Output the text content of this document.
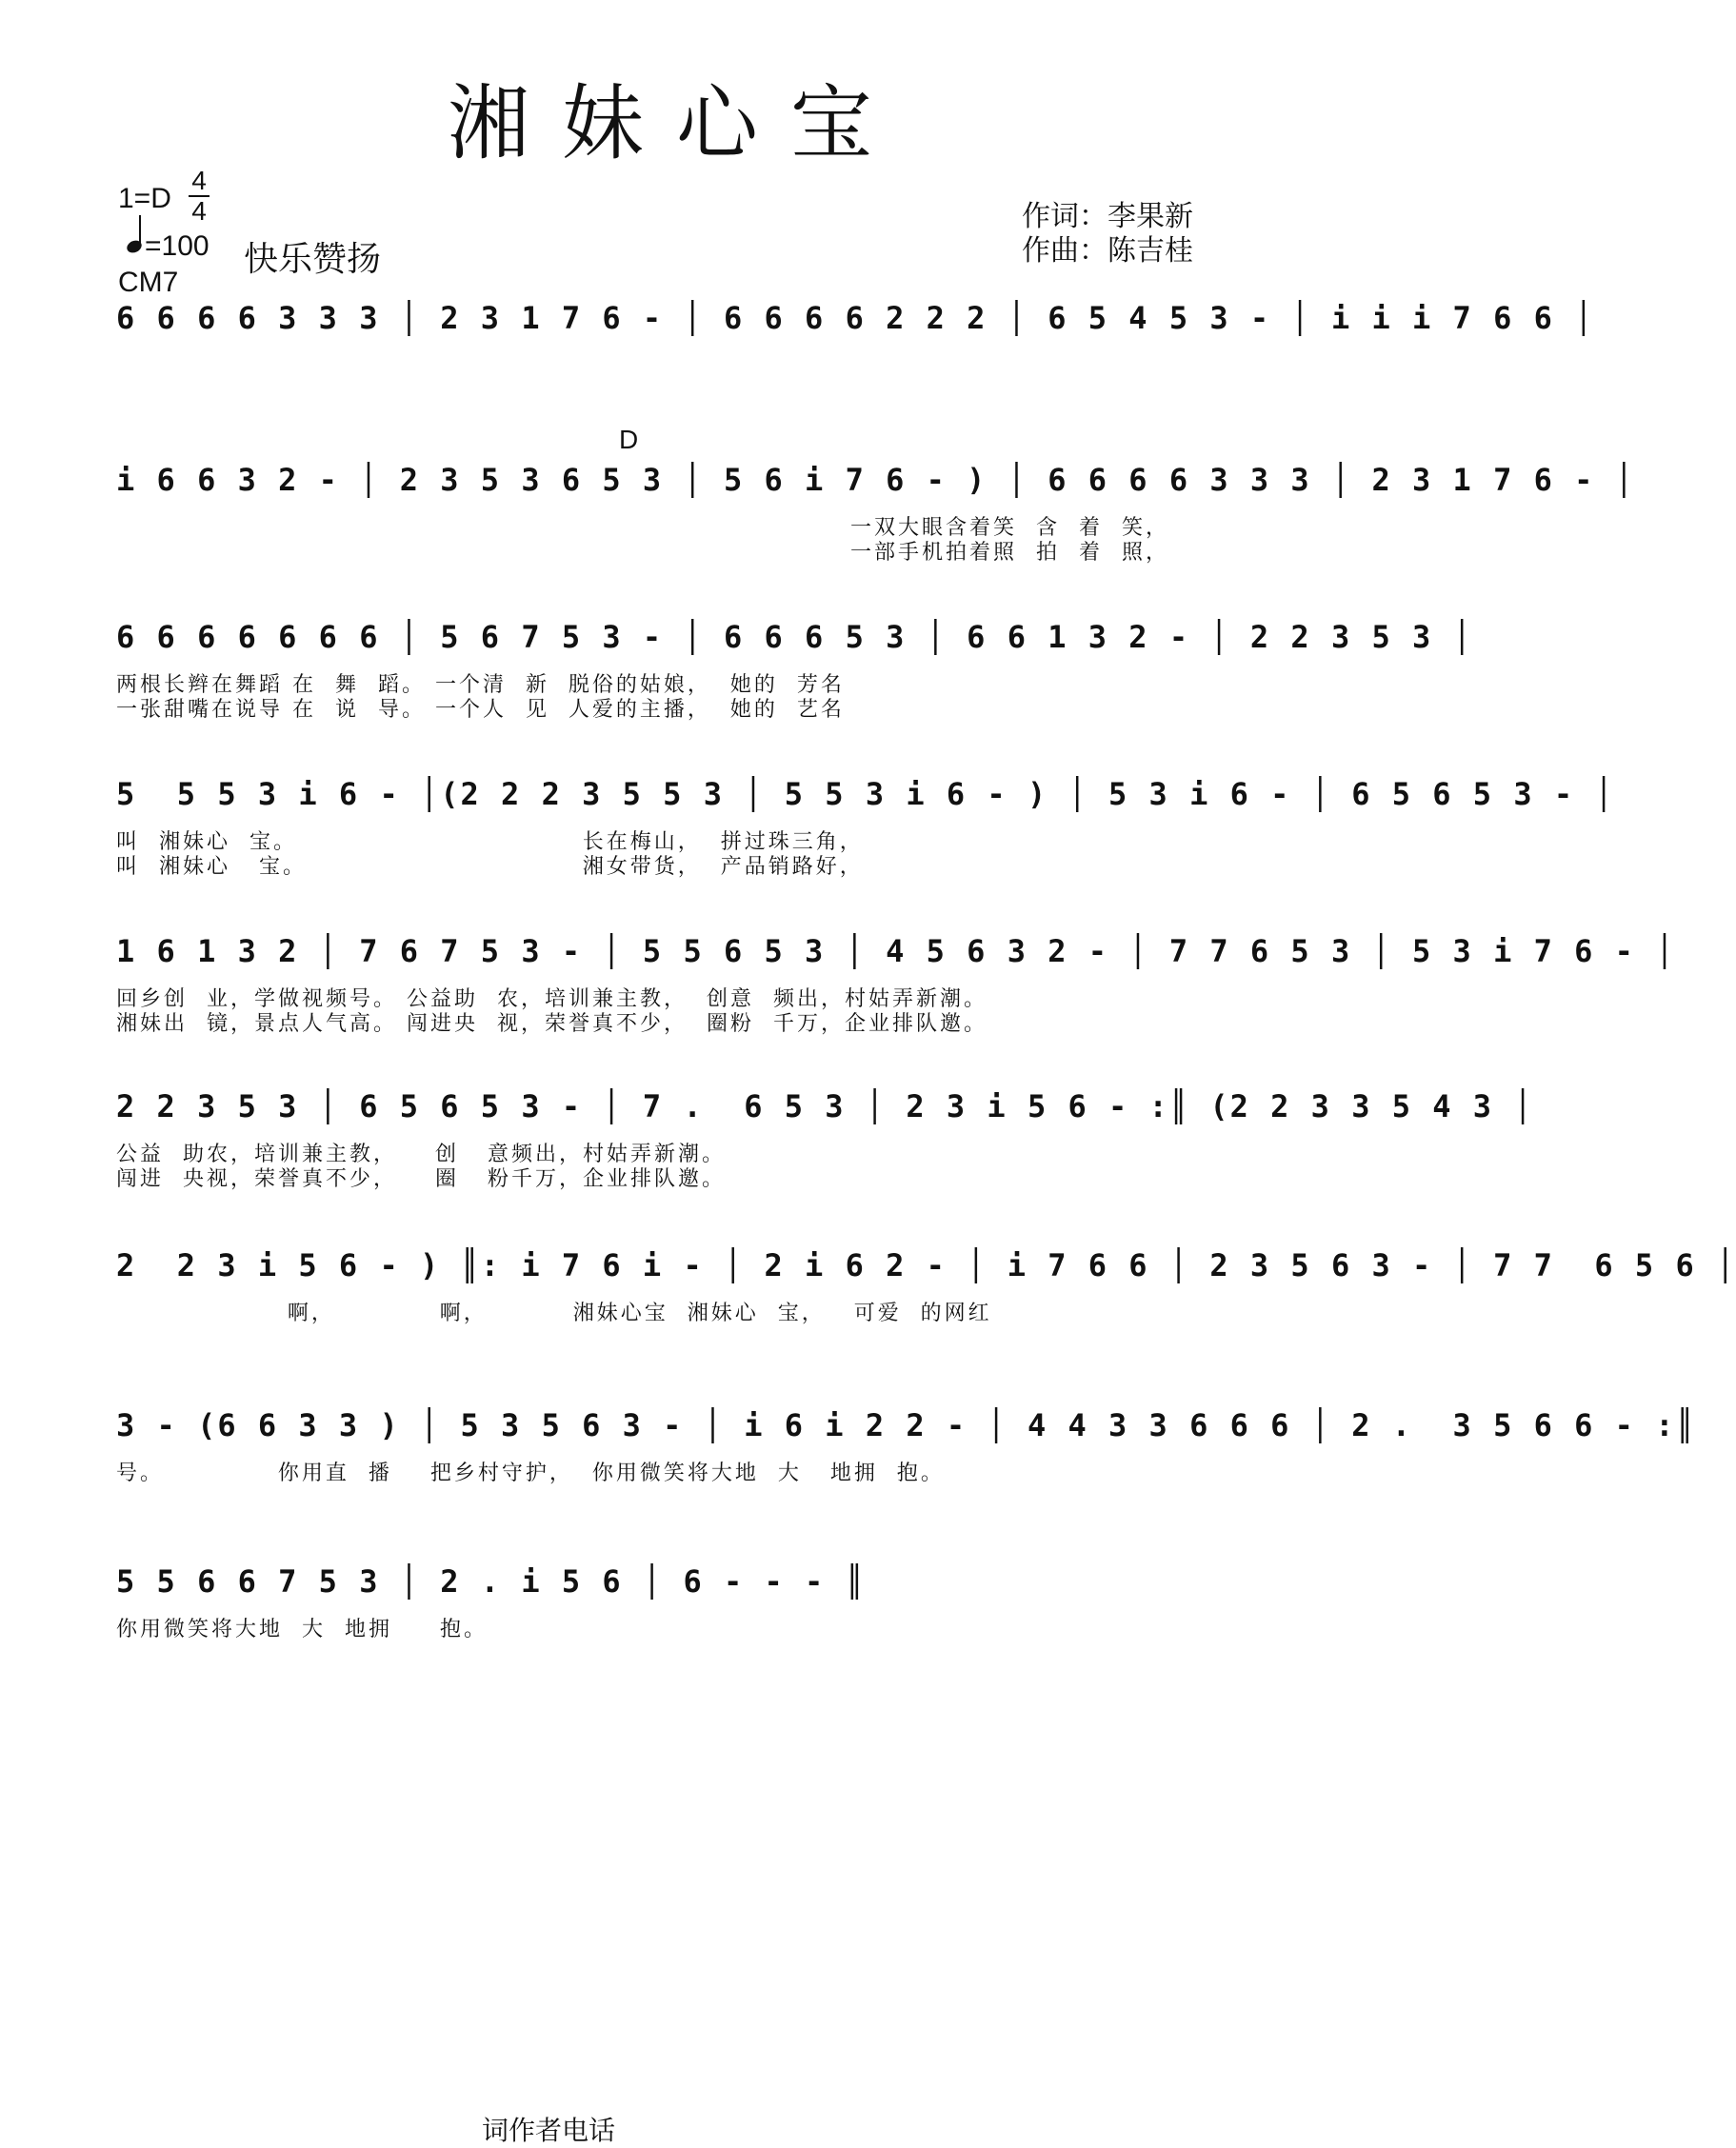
湘妹心宝
1=D
4
4
=100 快乐赞扬
CM7
作词：李果新
作曲：陈吉桂
D
6 6 6 6 3 3 3 │ 2 3 1 7 6 - │ 6 6 6 6 2 2 2 │ 6 5 4 5 3 - │ i i i 7 6 6 │
i 6 6 3 2 - │ 2 3 5 3 6 5 3 │ 5 6 i 7 6 - ) │ 6 6 6 6 3 3 3 │ 2 3 1 7 6 - │
一双大眼含着笑  含  着  笑，
一部手机拍着照  拍  着  照，
6 6 6 6 6 6 6 │ 5 6 7 5 3 - │ 6 6 6 5 3 │ 6 6 1 3 2 - │ 2 2 3 5 3 │
两根长辫在舞蹈 在  舞  蹈。 一个清  新  脱俗的姑娘，  她的  芳名
一张甜嘴在说导 在  说  导。 一个人  见  人爱的主播，  她的  艺名
5  5 5 3 i 6 - │(2 2 2 3 5 5 3 │ 5 5 3 i 6 - ) │ 5 3 i 6 - │ 6 5 6 5 3 - │
叫  湘妹心  宝。                              长在梅山，  拼过珠三角，
叫  湘妹心   宝。                             湘女带货，  产品销路好，
1 6 1 3 2 │ 7 6 7 5 3 - │ 5 5 6 5 3 │ 4 5 6 3 2 - │ 7 7 6 5 3 │ 5 3 i 7 6 - │
回乡创  业，学做视频号。 公益助  农，培训兼主教，  创意  频出，村姑弄新潮。
湘妹出  镜，景点人气高。 闯进央  视，荣誉真不少，  圈粉  千万，企业排队邀。
2 2 3 5 3 │ 6 5 6 5 3 - │ 7 .  6 5 3 │ 2 3 i 5 6 - :║ (2 2 3 3 5 4 3 │
公益  助农，培训兼主教，    创   意频出，村姑弄新潮。
闯进  央视，荣誉真不少，    圈   粉千万，企业排队邀。
2  2 3 i 5 6 - ) ║: i 7 6 i - │ 2 i 6 2 - │ i 7 6 6 │ 2 3 5 6 3 - │ 7 7  6 5 6 │
啊，           啊，         湘妹心宝  湘妹心  宝，   可爱  的网红
3 - (6 6 3 3 ) │ 5 3 5 6 3 - │ i 6 i 2 2 - │ 4 4 3 3 6 6 6 │ 2 .  3 5 6 6 - :║
号。            你用直  播    把乡村守护，  你用微笑将大地  大   地拥  抱。
5 5 6 6 7 5 3 │ 2 . i 5 6 │ 6 - - - ║
你用微笑将大地  大  地拥     抱。
词作者电话
